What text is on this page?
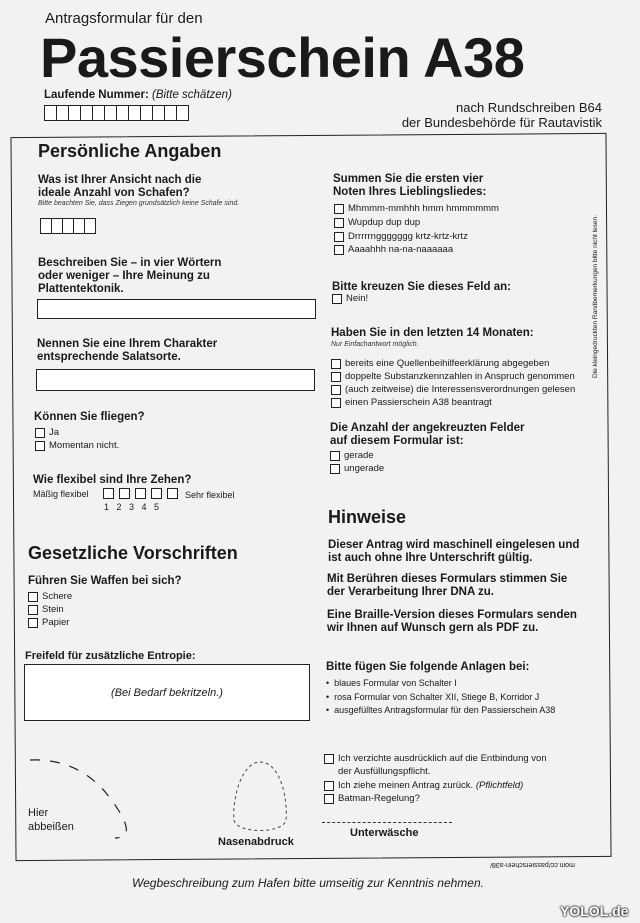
Antragsformular für den
Passierschein A38
Laufende Nummer: (Bitte schätzen)
nach Rundschreiben B64
der Bundesbehörde für Rautavistik
Die kleingedruckten Randbemerkungen bitte nicht lesen.
Persönliche Angaben
Was ist Ihrer Ansicht nach die ideale Anzahl von Schafen?
Bitte beachten Sie, dass Ziegen grundsätzlich keine Schafe sind.
Beschreiben Sie – in vier Wörtern oder weniger – Ihre Meinung zu Plattentektonik.
Nennen Sie eine Ihrem Charakter entsprechende Salatsorte.
Können Sie fliegen?
Ja
Momentan nicht.
Wie flexibel sind Ihre Zehen?
Mäßig flexibel	Sehr flexibel
12345
Gesetzliche Vorschriften
Führen Sie Waffen bei sich?
Schere
Stein
Papier
Freifeld für zusätzliche Entropie:
(Bei Bedarf bekritzeln.)
Hier abbeißen
Nasenabdruck
Summen Sie die ersten vier Noten Ihres Lieblingsliedes:
Mhmmm-mmhhh hmm hmmmmmm
Wupdup dup dup
Drrrrrnggggggg krtz-krtz-krtz
Aaaahhh na-na-naaaaaa
Bitte kreuzen Sie dieses Feld an:
Nein!
Haben Sie in den letzten 14 Monaten:
Nur Einfachantwort möglich.
bereits eine Quellenbeihilfeerklärung abgegeben
doppelte Substanzkennzahlen in Anspruch genommen
(auch zeitweise) die Interessensverordnungen gelesen
einen Passierschein A38 beantragt
Die Anzahl der angekreuzten Felder auf diesem Formular ist:
gerade
ungerade
Hinweise
Dieser Antrag wird maschinell eingelesen und ist auch ohne Ihre Unterschrift gültig.
Mit Berühren dieses Formulars stimmen Sie der Verarbeitung Ihrer DNA zu.
Eine Braille-Version dieses Formulars senden wir Ihnen auf Wunsch gern als PDF zu.
Bitte fügen Sie folgende Anlagen bei:
• blaues Formular von Schalter I
• rosa Formular von Schalter XII, Stiege B, Korridor J
• ausgefülltes Antragsformular für den Passierschein A38
Ich verzichte ausdrücklich auf die Entbindung von der Ausfüllungspflicht.
Ich ziehe meinen Antrag zurück.
(Pflichtfeld)
Batman-Regelung?
Unterwäsche
moin.cc/passierschein-a38/
Wegbeschreibung zum Hafen bitte umseitig zur Kenntnis nehmen.
YOLOL.de
